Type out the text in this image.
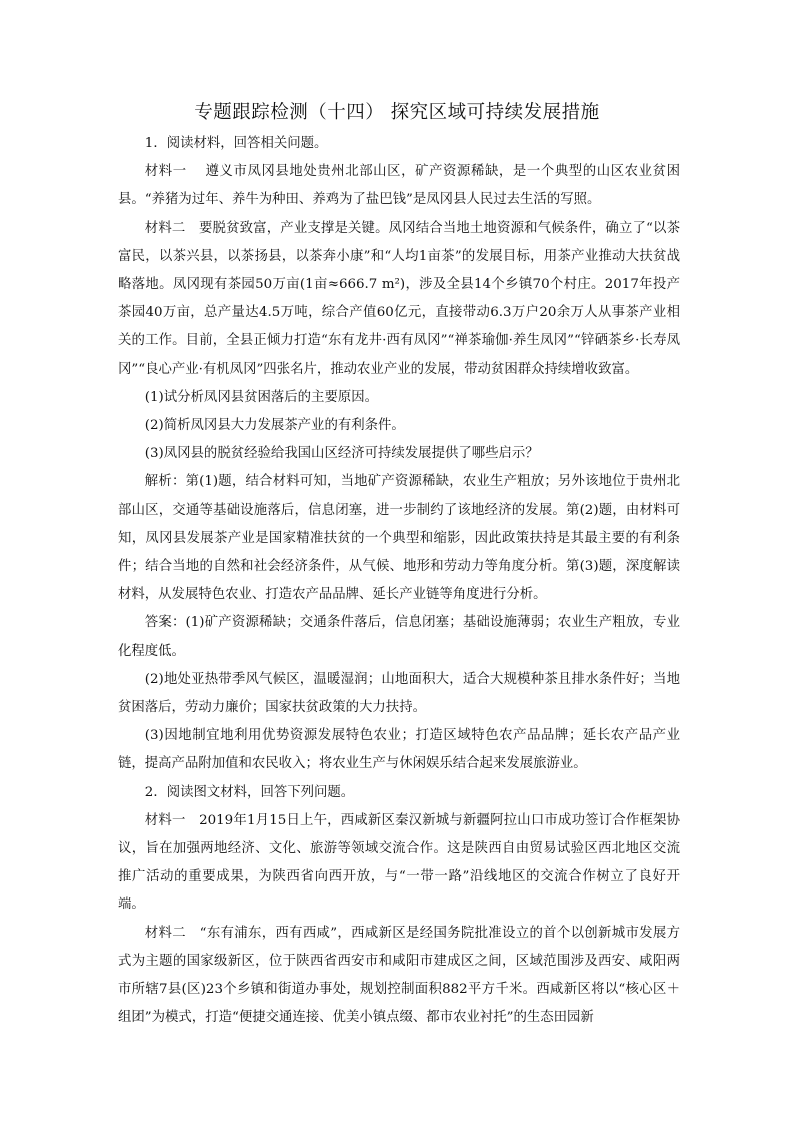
专题跟踪检测（十四） 探究区域可持续发展措施

1．阅读材料，回答相关问题。

材料一　 遵义市凤冈县地处贵州北部山区，矿产资源稀缺，是一个典型的山区农业贫困县。“养猪为过年、养牛为种田、养鸡为了盐巴钱”是凤冈县人民过去生活的写照。

材料二　要脱贫致富，产业支撑是关键。凤冈结合当地土地资源和气候条件，确立了“以茶富民，以茶兴县，以茶扬县，以茶奔小康”和“人均1亩茶”的发展目标，用茶产业推动大扶贫战略落地。凤冈现有茶园50万亩(1亩≈666.7 m²)，涉及全县14个乡镇70个村庄。2017年投产茶园40万亩，总产量达4.5万吨，综合产值60亿元，直接带动6.3万户20余万人从事茶产业相关的工作。目前，全县正倾力打造“东有龙井·西有凤冈”“禅茶瑜伽·养生凤冈”“锌硒茶乡·长寿凤冈”“良心产业·有机凤冈”四张名片，推动农业产业的发展，带动贫困群众持续增收致富。

(1)试分析凤冈县贫困落后的主要原因。

(2)简析凤冈县大力发展茶产业的有利条件。

(3)凤冈县的脱贫经验给我国山区经济可持续发展提供了哪些启示？

解析：第(1)题，结合材料可知，当地矿产资源稀缺，农业生产粗放；另外该地位于贵州北部山区，交通等基础设施落后，信息闭塞，进一步制约了该地经济的发展。第(2)题，由材料可知，凤冈县发展茶产业是国家精准扶贫的一个典型和缩影，因此政策扶持是其最主要的有利条件；结合当地的自然和社会经济条件，从气候、地形和劳动力等角度分析。第(3)题，深度解读材料，从发展特色农业、打造农产品品牌、延长产业链等角度进行分析。

答案：(1)矿产资源稀缺；交通条件落后，信息闭塞；基础设施薄弱；农业生产粗放，专业化程度低。

(2)地处亚热带季风气候区，温暖湿润；山地面积大，适合大规模种茶且排水条件好；当地贫困落后，劳动力廉价；国家扶贫政策的大力扶持。

(3)因地制宜地利用优势资源发展特色农业；打造区域特色农产品品牌；延长农产品产业链，提高产品附加值和农民收入；将农业生产与休闲娱乐结合起来发展旅游业。

2．阅读图文材料，回答下列问题。

材料一　2019年1月15日上午，西咸新区秦汉新城与新疆阿拉山口市成功签订合作框架协议，旨在加强两地经济、文化、旅游等领域交流合作。这是陕西自由贸易试验区西北地区交流推广活动的重要成果，为陕西省向西开放，与“一带一路”沿线地区的交流合作树立了良好开端。

材料二　“东有浦东，西有西咸”，西咸新区是经国务院批准设立的首个以创新城市发展方式为主题的国家级新区，位于陕西省西安市和咸阳市建成区之间，区域范围涉及西安、咸阳两市所辖7县(区)23个乡镇和街道办事处，规划控制面积882平方千米。西咸新区将以“核心区＋组团”为模式，打造“便捷交通连接、优美小镇点缀、都市农业衬托”的生态田园新
